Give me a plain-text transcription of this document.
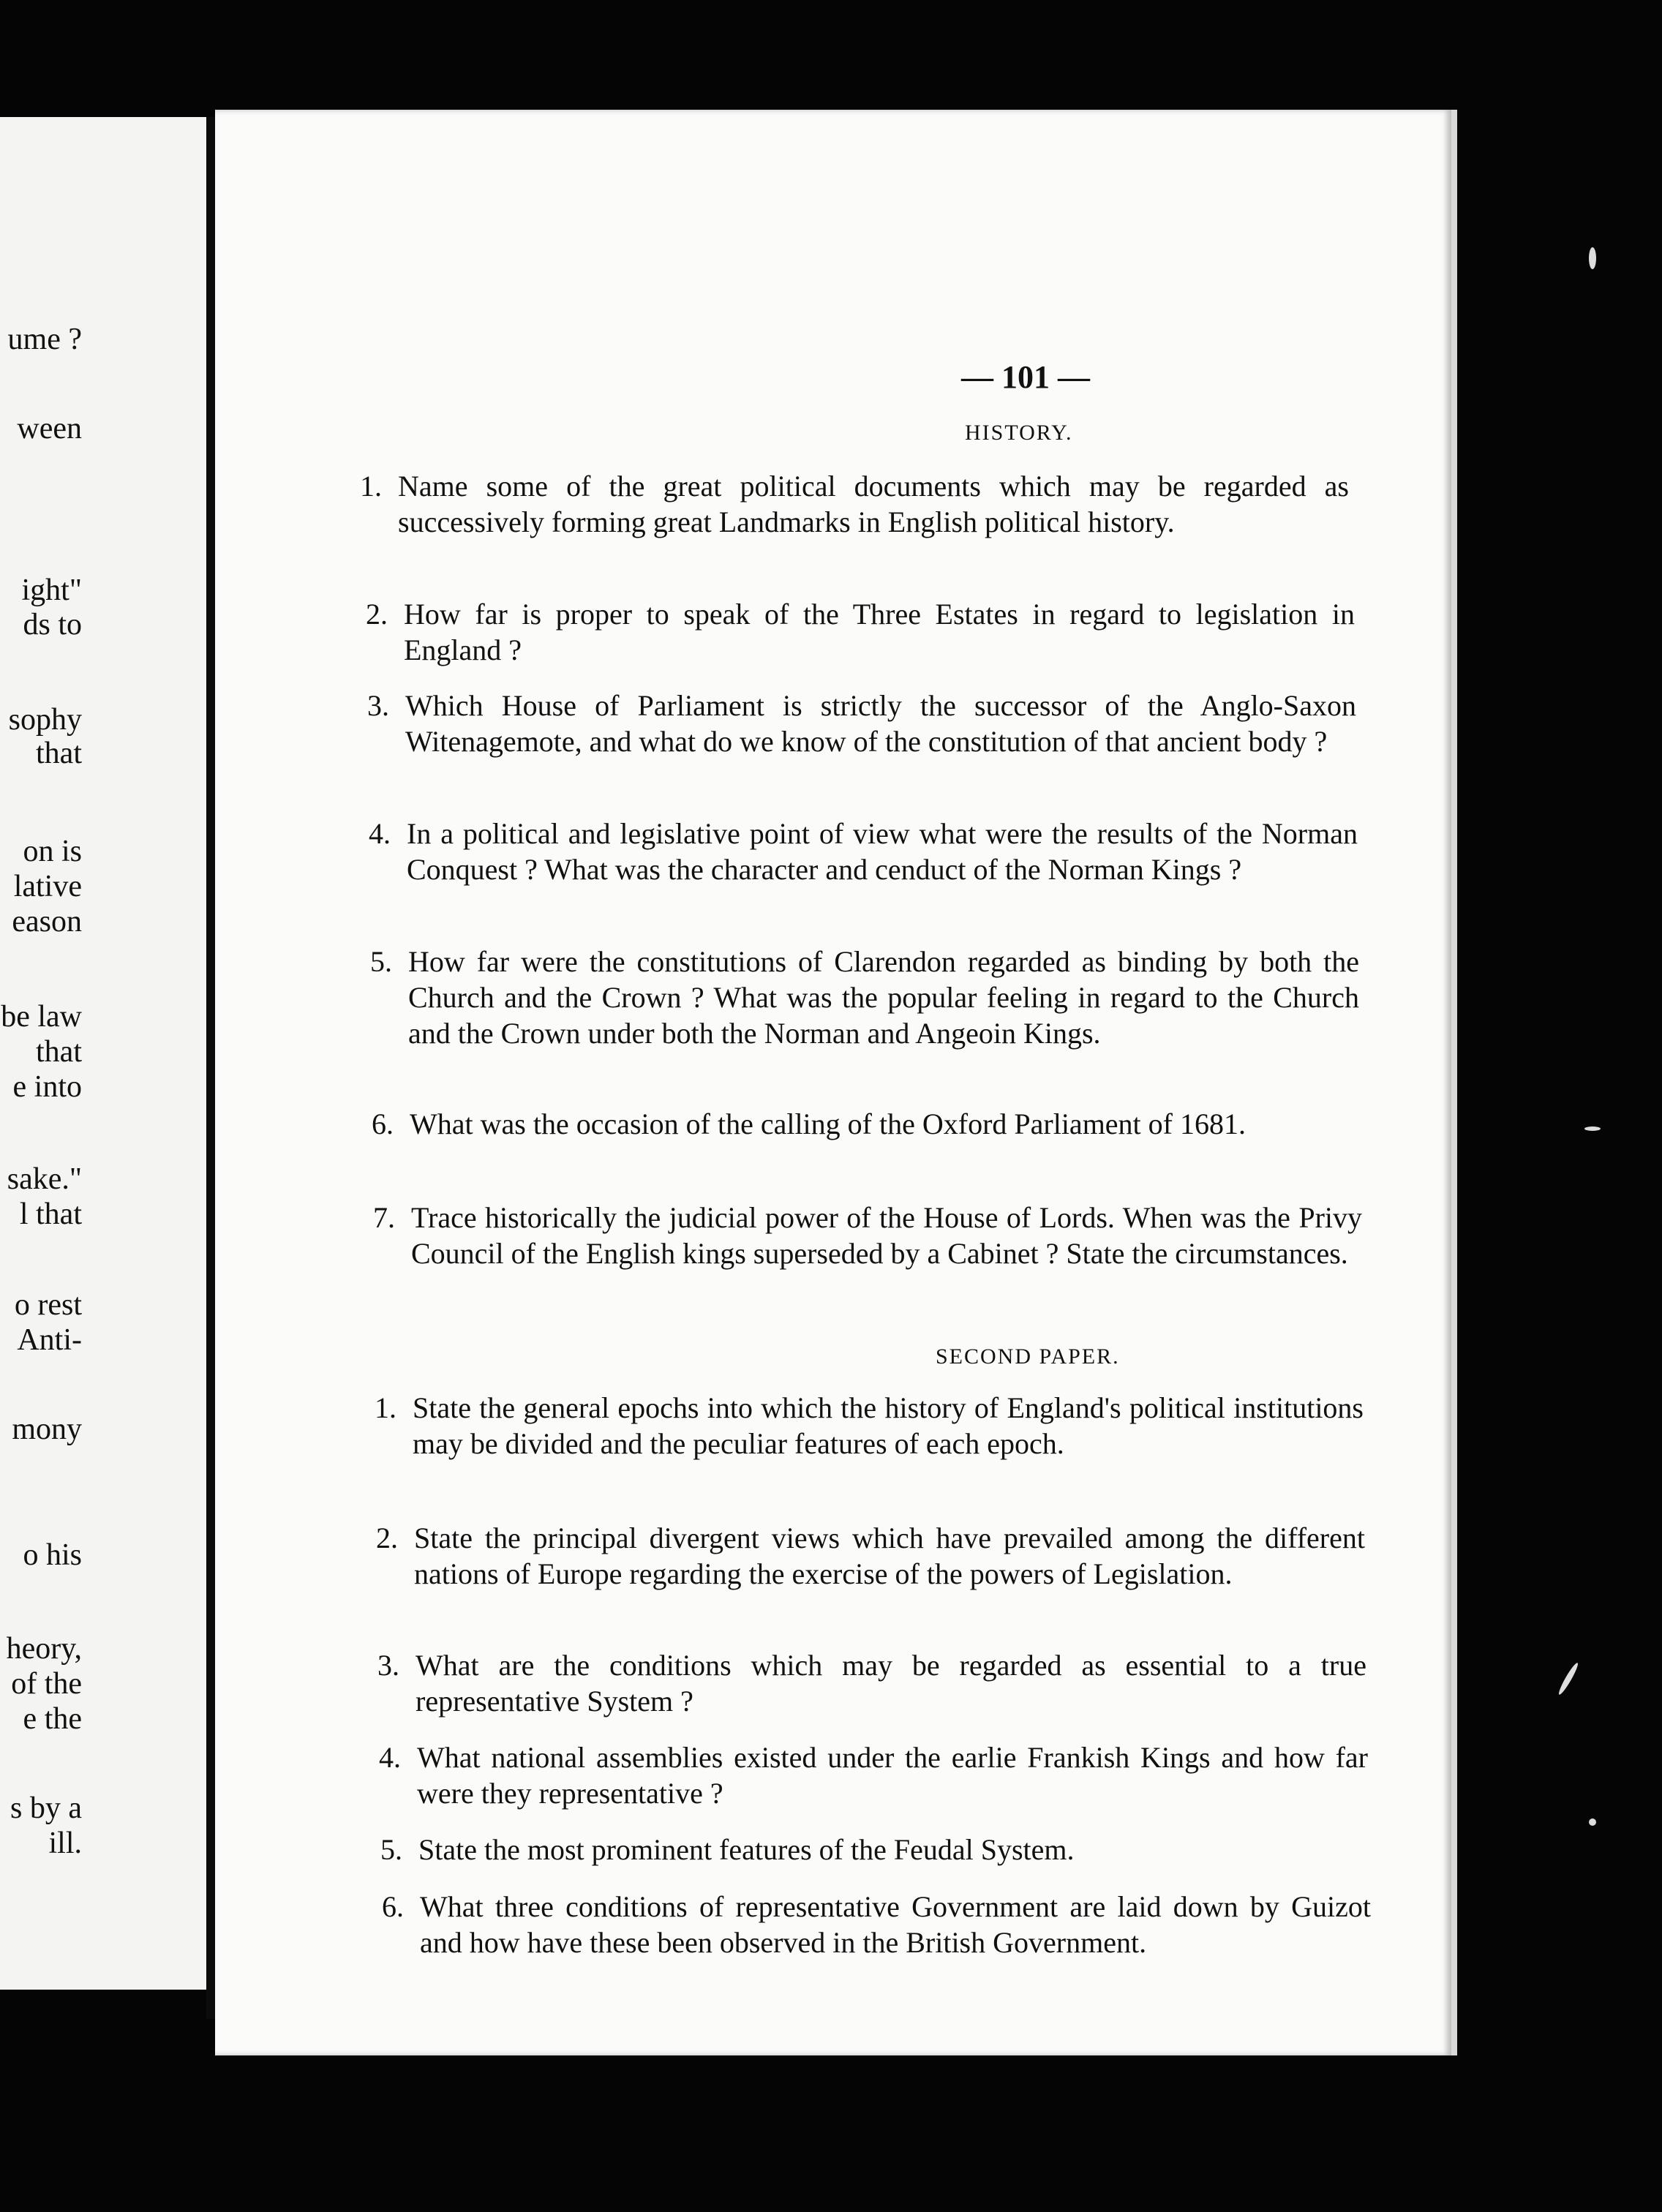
ume ?
ween
ight"
ds to
sophy
that
on is
lative
eason
be law
that
e into
sake."
l that
o rest
Anti-
mony
o his
heory,
of the
e the
s by a
ill.
— 101 —
HISTORY.
1. Name some of the great political documents which may be regarded as successively forming great Landmarks in English political history.
2. How far is proper to speak of the Three Estates in regard to legislation in England ?
3. Which House of Parliament is strictly the successor of the Anglo-Saxon Witenagemote, and what do we know of the constitution of that ancient body ?
4. In a political and legislative point of view what were the results of the Norman Conquest ? What was the character and cenduct of the Norman Kings ?
5. How far were the constitutions of Clarendon regarded as binding by both the Church and the Crown ? What was the popular feeling in regard to the Church and the Crown under both the Norman and Angeoin Kings.
6. What was the occasion of the calling of the Oxford Parliament of 1681.
7. Trace historically the judicial power of the House of Lords. When was the Privy Council of the English kings superseded by a Cabinet ? State the circumstances.
SECOND PAPER.
1. State the general epochs into which the history of England's political institutions may be divided and the peculiar features of each epoch.
2. State the principal divergent views which have prevailed among the different nations of Europe regarding the exercise of the powers of Legislation.
3. What are the conditions which may be regarded as essential to a true representative System ?
4. What national assemblies existed under the earlie Frankish Kings and how far were they representative ?
5. State the most prominent features of the Feudal System.
6. What three conditions of representative Government are laid down by Guizot and how have these been observed in the British Government.
